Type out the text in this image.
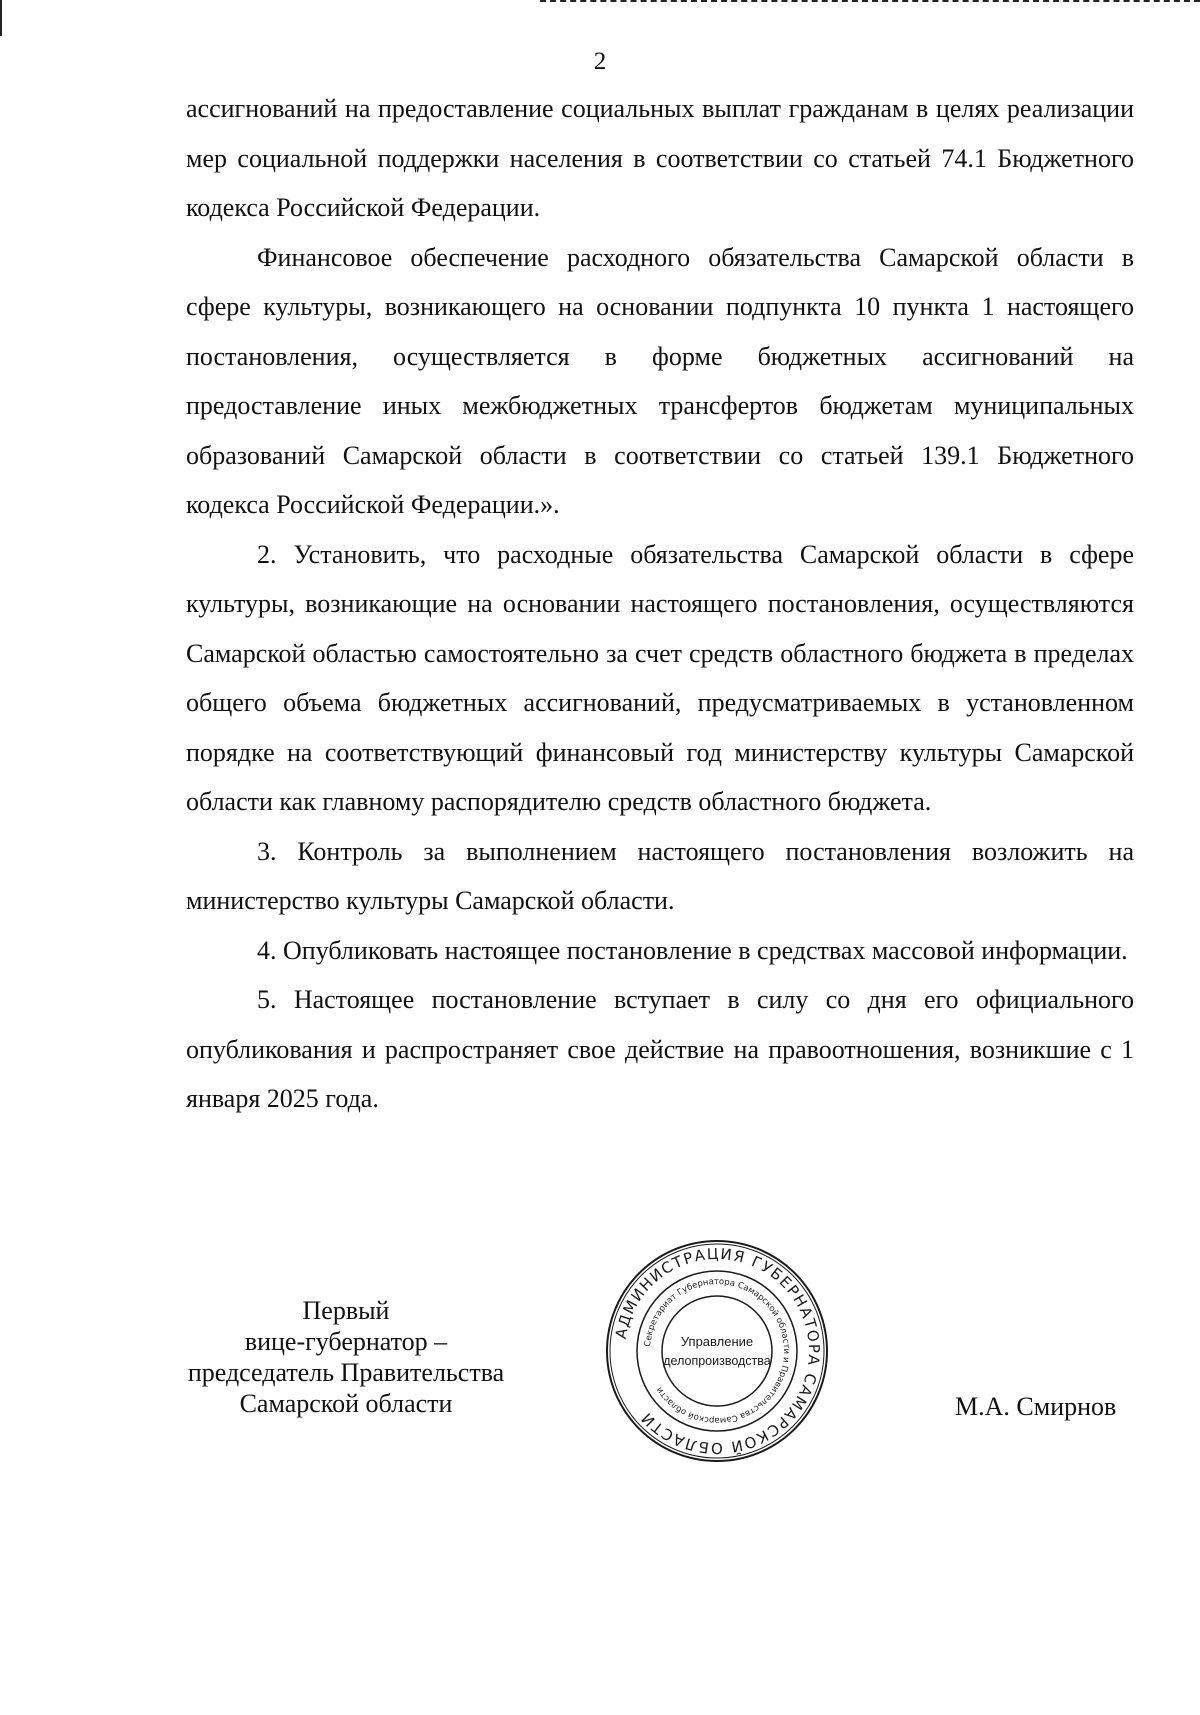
2

ассигнований на предоставление социальных выплат гражданам в целях реализации мер социальной поддержки населения в соответствии со статьей 74.1 Бюджетного кодекса Российской Федерации.

Финансовое обеспечение расходного обязательства Самарской области в сфере культуры, возникающего на основании подпункта 10 пункта 1 настоящего постановления, осуществляется в форме бюджетных ассигнований на предоставление иных межбюджетных трансфертов бюджетам муниципальных образований Самарской области в соответствии со статьей 139.1 Бюджетного кодекса Российской Федерации.».

2. Установить, что расходные обязательства Самарской области в сфере культуры, возникающие на основании настоящего постановления, осуществляются Самарской областью самостоятельно за счет средств областного бюджета в пределах общего объема бюджетных ассигнований, предусматриваемых в установленном порядке на соответствующий финансовый год министерству культуры Самарской области как главному распорядителю средств областного бюджета.

3. Контроль за выполнением настоящего постановления возложить на министерство культуры Самарской области.

4. Опубликовать настоящее постановление в средствах массовой информации.

5. Настоящее постановление вступает в силу со дня его официального опубликования и распространяет свое действие на правоотношения, возникшие с 1 января 2025 года.

Первый
вице-губернатор –
председатель Правительства
Самарской области
АДМИНИСТРАЦИЯ ГУБЕРНАТОРА САМАРСКОЙ ОБЛАСТИ
Секретариат Губернатора Самарской области и Правительства Самарской области
Управление
делопроизводства
М.А. Смирнов
